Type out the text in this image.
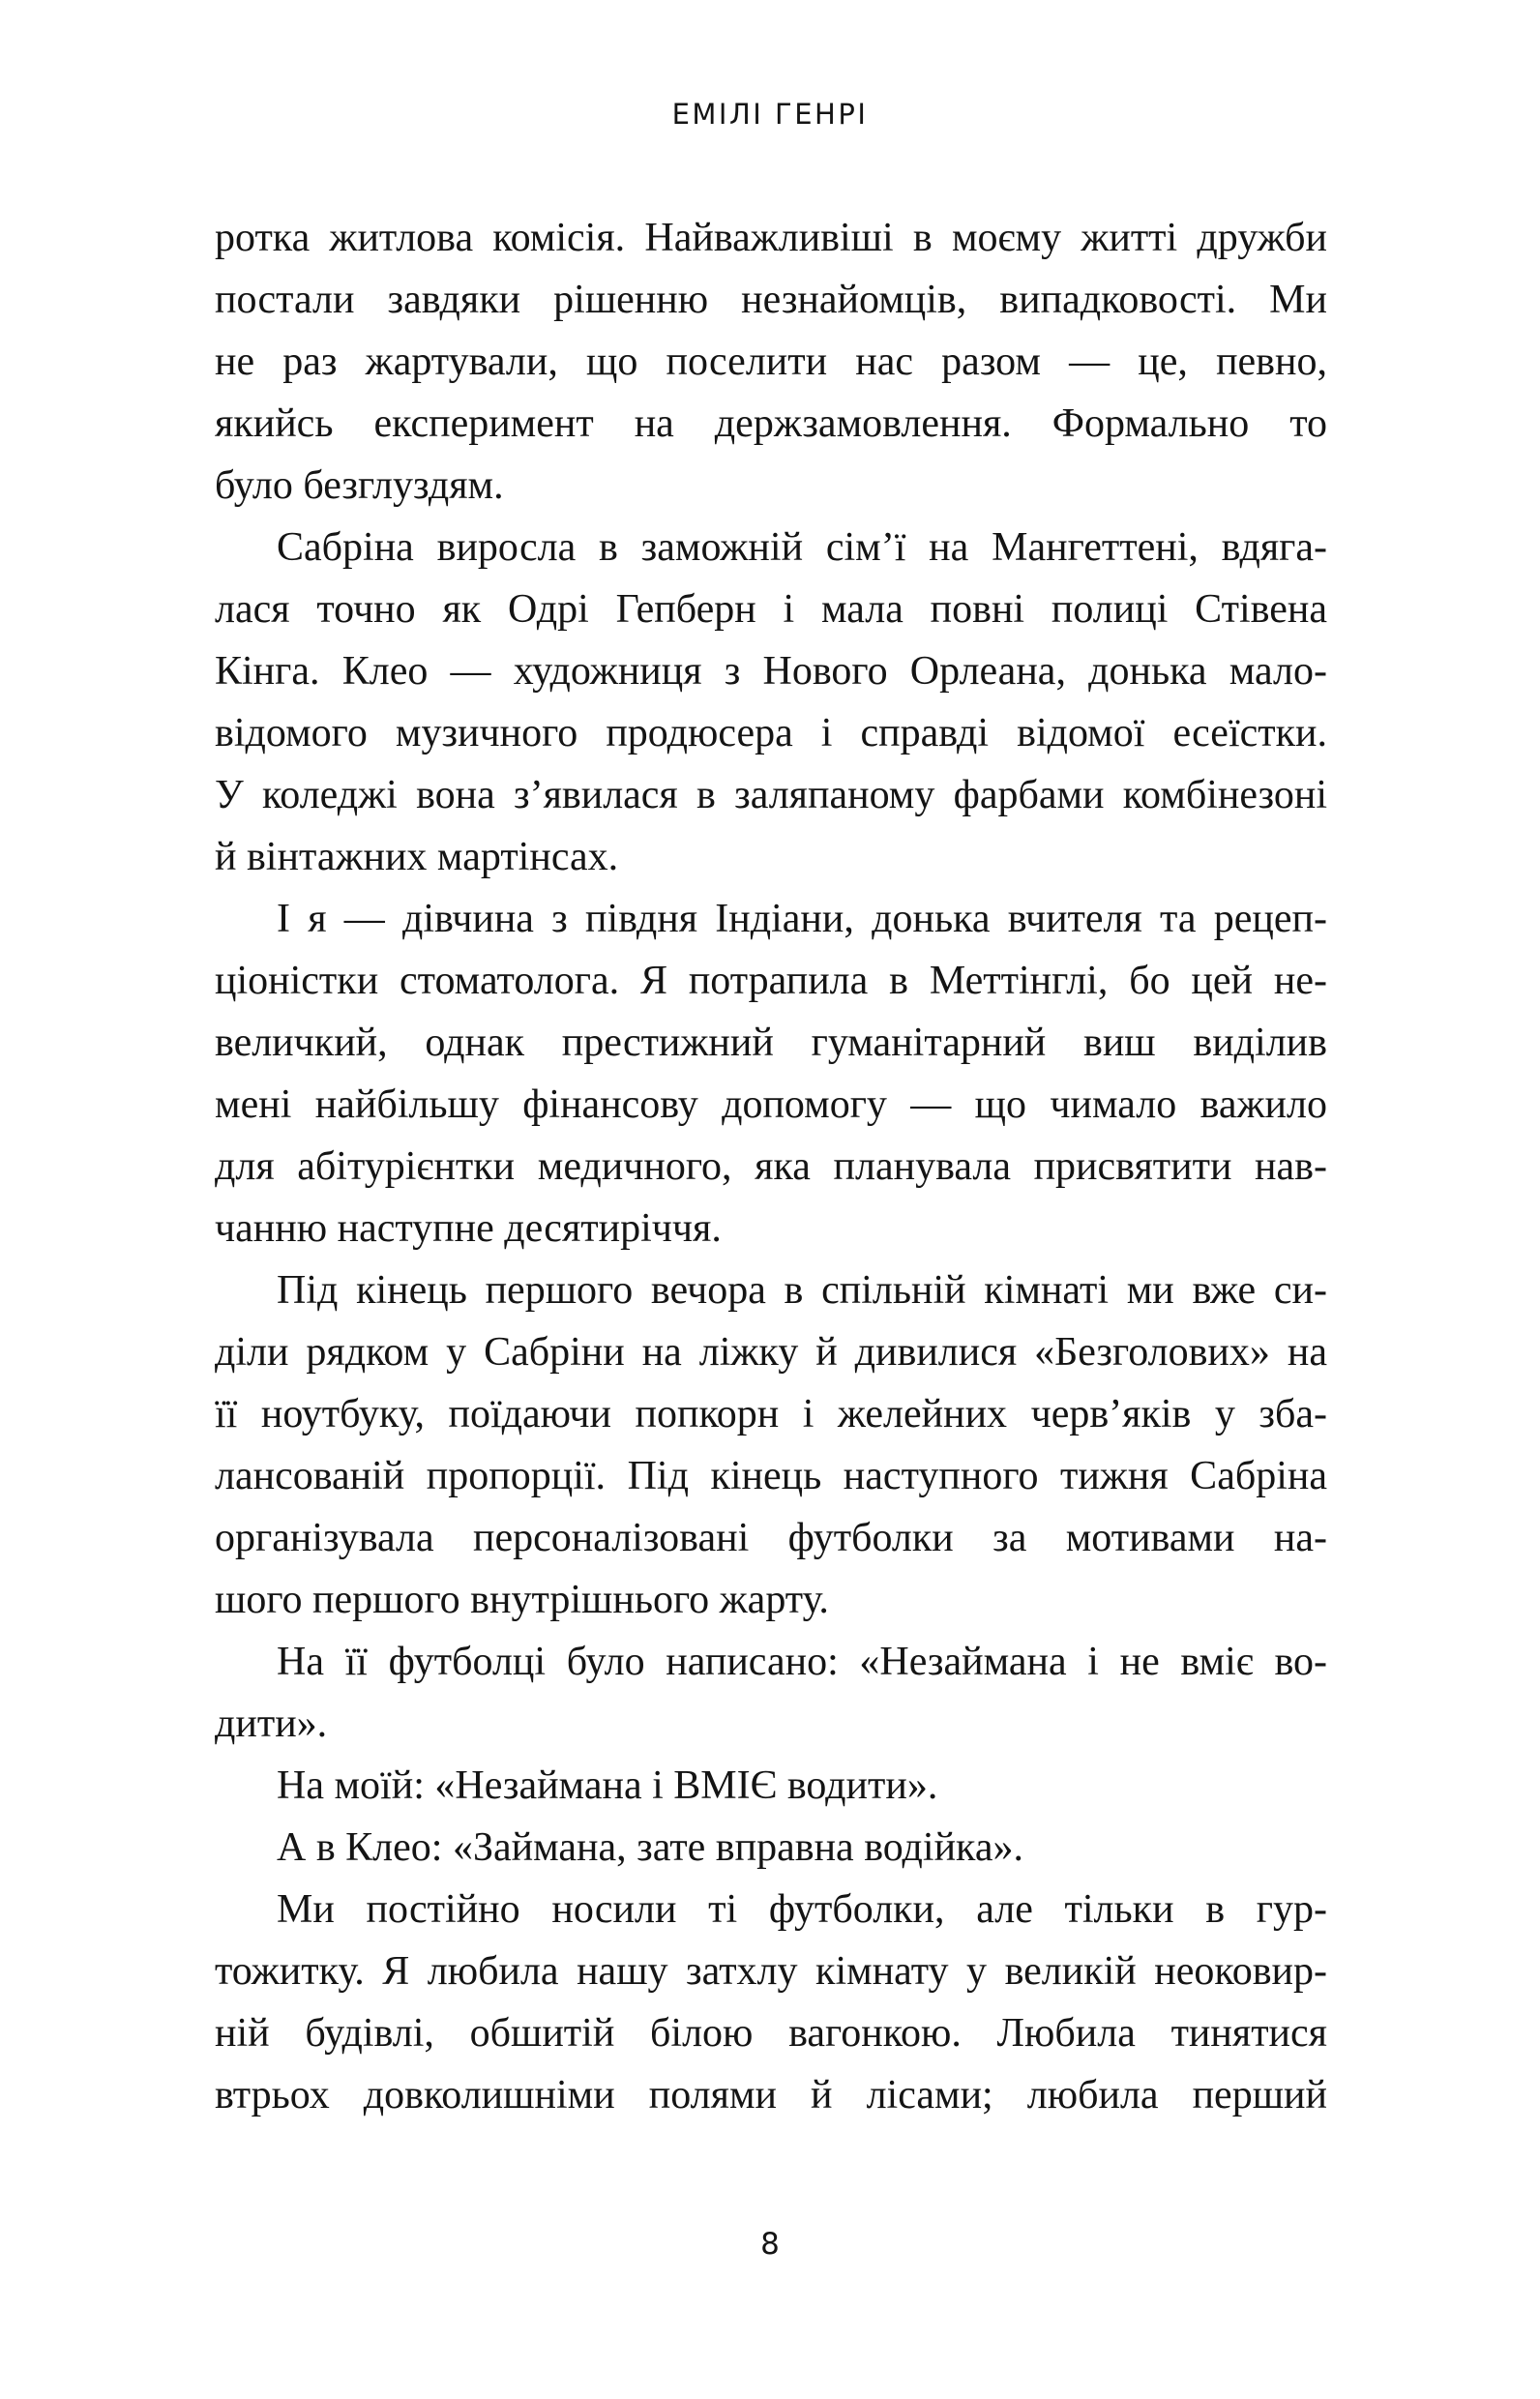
ЕМІЛІ ГЕНРІ
ротка житлова комісія. Найважливіші в моєму житті дружби
постали завдяки рішенню незнайомців, випадковості. Ми
не раз жартували, що поселити нас разом — це, певно,
якийсь експеримент на держзамовлення. Формально то
було безглуздям.
Сабріна виросла в заможній сім’ї на Мангеттені, вдяга-
лася точно як Одрі Гепберн і мала повні полиці Стівена
Кінга. Клео — художниця з Нового Орлеана, донька мало-
відомого музичного продюсера і справді відомої есеїстки.
У коледжі вона з’явилася в заляпаному фарбами комбінезоні
й вінтажних мартінсах.
І я — дівчина з півдня Індіани, донька вчителя та рецеп-
ціоністки стоматолога. Я потрапила в Меттінглі, бо цей не-
величкий, однак престижний гуманітарний виш виділив
мені найбільшу фінансову допомогу — що чимало важило
для абітурієнтки медичного, яка планувала присвятити нав-
чанню наступне десятиріччя.
Під кінець першого вечора в спільній кімнаті ми вже си-
діли рядком у Сабріни на ліжку й дивилися «Безголових» на
її ноутбуку, поїдаючи попкорн і желейних черв’яків у зба-
лансованій пропорції. Під кінець наступного тижня Сабріна
організувала персоналізовані футболки за мотивами на-
шого першого внутрішнього жарту.
На її футболці було написано: «Незаймана і не вміє во-
дити».
На моїй: «Незаймана і ВМІЄ водити».
А в Клео: «Займана, зате вправна водійка».
Ми постійно носили ті футболки, але тільки в гур-
тожитку. Я любила нашу затхлу кімнату у великій неоковир-
ній будівлі, обшитій білою вагонкою. Любила тинятися
втрьох довколишніми полями й лісами; любила перший
8
